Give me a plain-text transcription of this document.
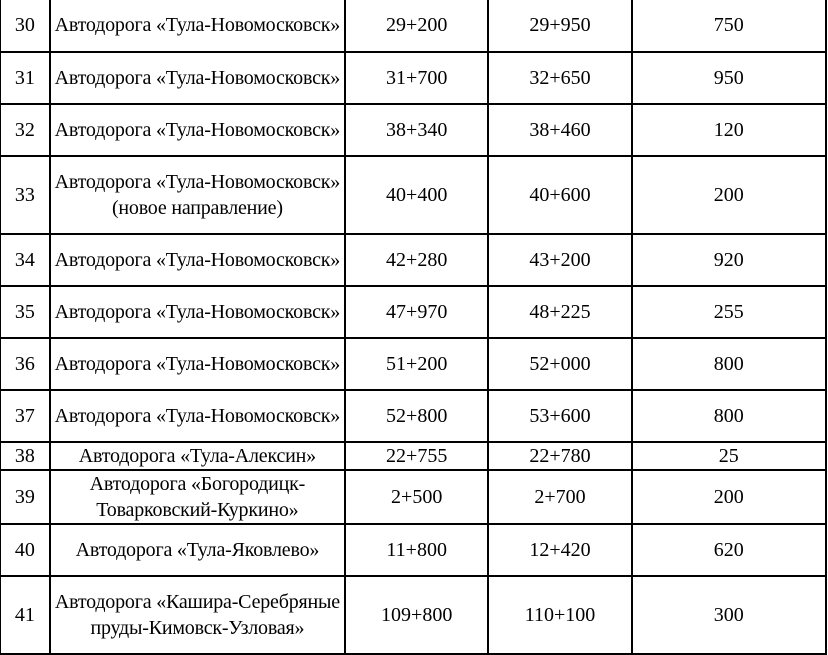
30	Автодорога «Тула-Новомосковск»	29+200	29+950	750
31	Автодорога «Тула-Новомосковск»	31+700	32+650	950
32	Автодорога «Тула-Новомосковск»	38+340	38+460	120
33	Автодорога «Тула-Новомосковск» (новое направление)	40+400	40+600	200
34	Автодорога «Тула-Новомосковск»	42+280	43+200	920
35	Автодорога «Тула-Новомосковск»	47+970	48+225	255
36	Автодорога «Тула-Новомосковск»	51+200	52+000	800
37	Автодорога «Тула-Новомосковск»	52+800	53+600	800
38	Автодорога «Тула-Алексин»	22+755	22+780	25
39	Автодорога «Богородицк-Товарковский-Куркино»	2+500	2+700	200
40	Автодорога «Тула-Яковлево»	11+800	12+420	620
41	Автодорога «Кашира-Серебряные пруды-Кимовск-Узловая»	109+800	110+100	300
